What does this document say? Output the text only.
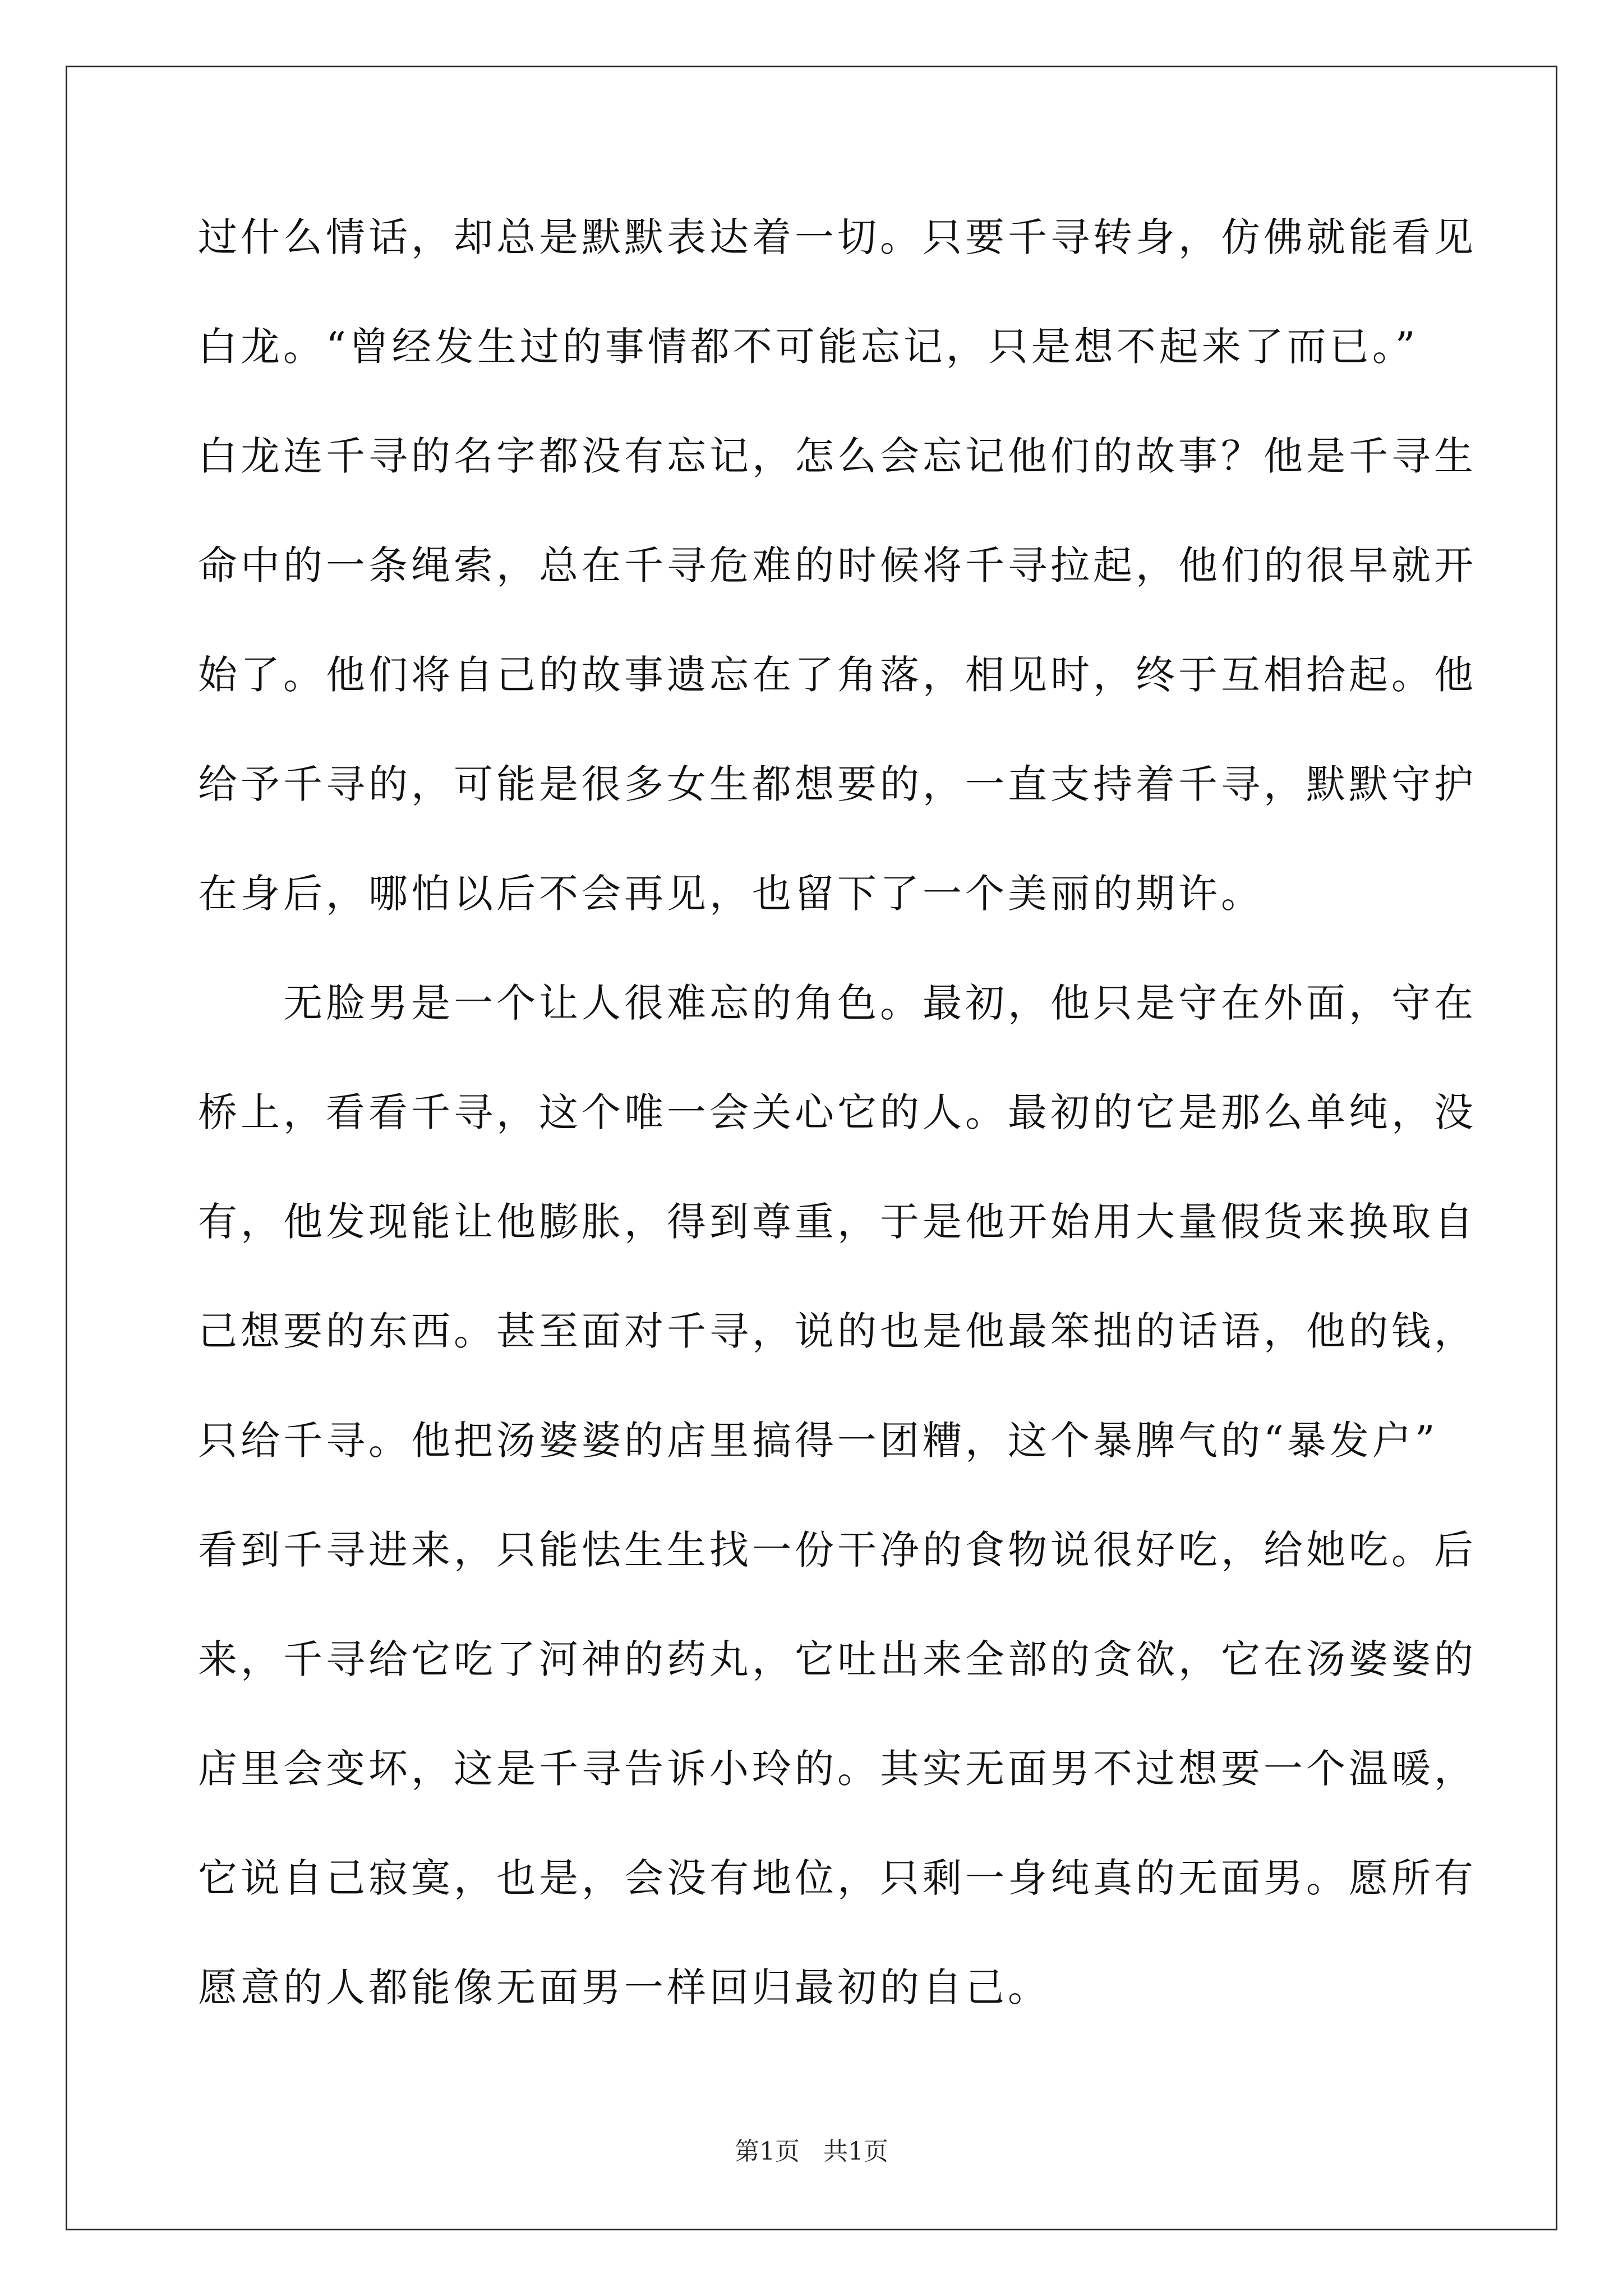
过什么情话，却总是默默表达着一切。只要千寻转身，仿佛就能看见
白龙。“曾经发生过的事情都不可能忘记，只是想不起来了而已。”
白龙连千寻的名字都没有忘记，怎么会忘记他们的故事？他是千寻生
命中的一条绳索，总在千寻危难的时候将千寻拉起，他们的很早就开
始了。他们将自己的故事遗忘在了角落，相见时，终于互相拾起。他
给予千寻的，可能是很多女生都想要的，一直支持着千寻，默默守护
在身后，哪怕以后不会再见，也留下了一个美丽的期许。
　　无脸男是一个让人很难忘的角色。最初，他只是守在外面，守在
桥上，看看千寻，这个唯一会关心它的人。最初的它是那么单纯，没
有，他发现能让他膨胀，得到尊重，于是他开始用大量假货来换取自
己想要的东西。甚至面对千寻，说的也是他最笨拙的话语，他的钱，
只给千寻。他把汤婆婆的店里搞得一团糟，这个暴脾气的“暴发户”
看到千寻进来，只能怯生生找一份干净的食物说很好吃，给她吃。后
来，千寻给它吃了河神的药丸，它吐出来全部的贪欲，它在汤婆婆的
店里会变坏，这是千寻告诉小玲的。其实无面男不过想要一个温暖，
它说自己寂寞，也是，会没有地位，只剩一身纯真的无面男。愿所有
愿意的人都能像无面男一样回归最初的自己。
第1页   共1页
